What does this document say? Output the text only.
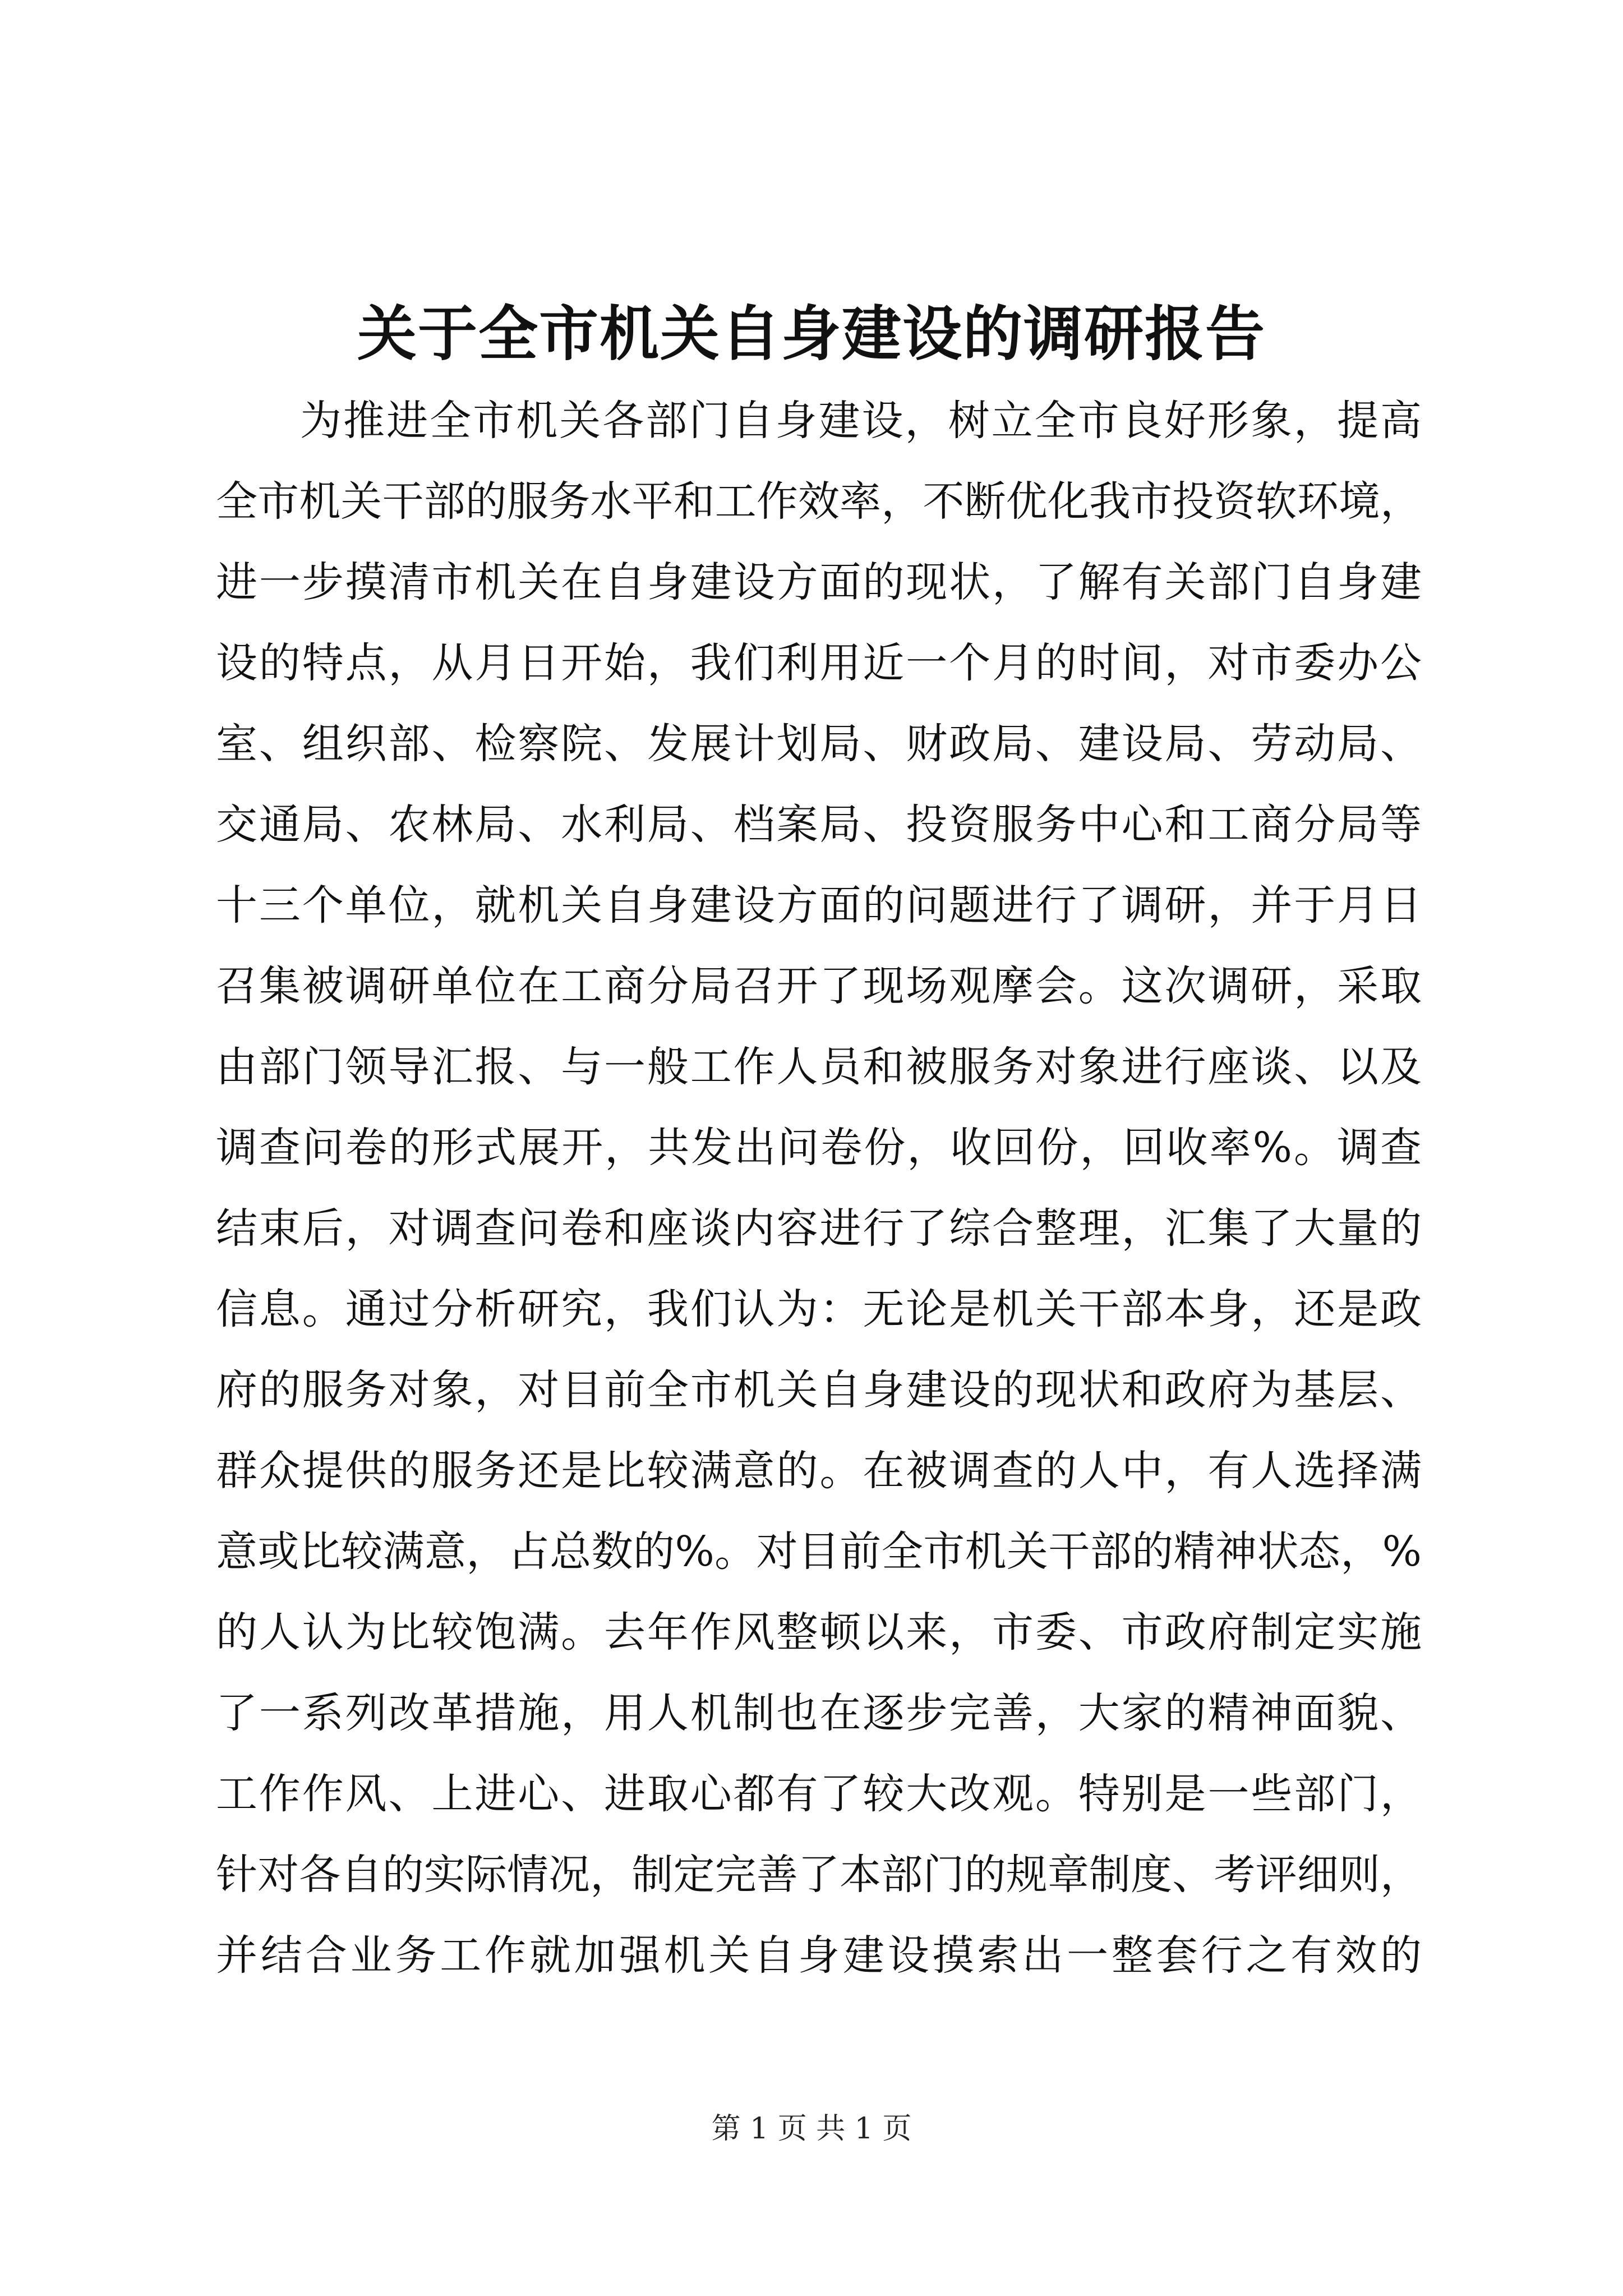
关于全市机关自身建设的调研报告
为推进全市机关各部门自身建设，树立全市良好形象，提高
全市机关干部的服务水平和工作效率，不断优化我市投资软环境，
进一步摸清市机关在自身建设方面的现状，了解有关部门自身建
设的特点，从月日开始，我们利用近一个月的时间，对市委办公
室、组织部、检察院、发展计划局、财政局、建设局、劳动局、
交通局、农林局、水利局、档案局、投资服务中心和工商分局等
十三个单位，就机关自身建设方面的问题进行了调研，并于月日
召集被调研单位在工商分局召开了现场观摩会。这次调研，采取
由部门领导汇报、与一般工作人员和被服务对象进行座谈、以及
调查问卷的形式展开，共发出问卷份，收回份，回收率%。调查
结束后，对调查问卷和座谈内容进行了综合整理，汇集了大量的
信息。通过分析研究，我们认为：无论是机关干部本身，还是政
府的服务对象，对目前全市机关自身建设的现状和政府为基层、
群众提供的服务还是比较满意的。在被调查的人中，有人选择满
意或比较满意，占总数的%。对目前全市机关干部的精神状态，%
的人认为比较饱满。去年作风整顿以来，市委、市政府制定实施
了一系列改革措施，用人机制也在逐步完善，大家的精神面貌、
工作作风、上进心、进取心都有了较大改观。特别是一些部门，
针对各自的实际情况，制定完善了本部门的规章制度、考评细则，
并结合业务工作就加强机关自身建设摸索出一整套行之有效的
第 1 页 共 1 页
